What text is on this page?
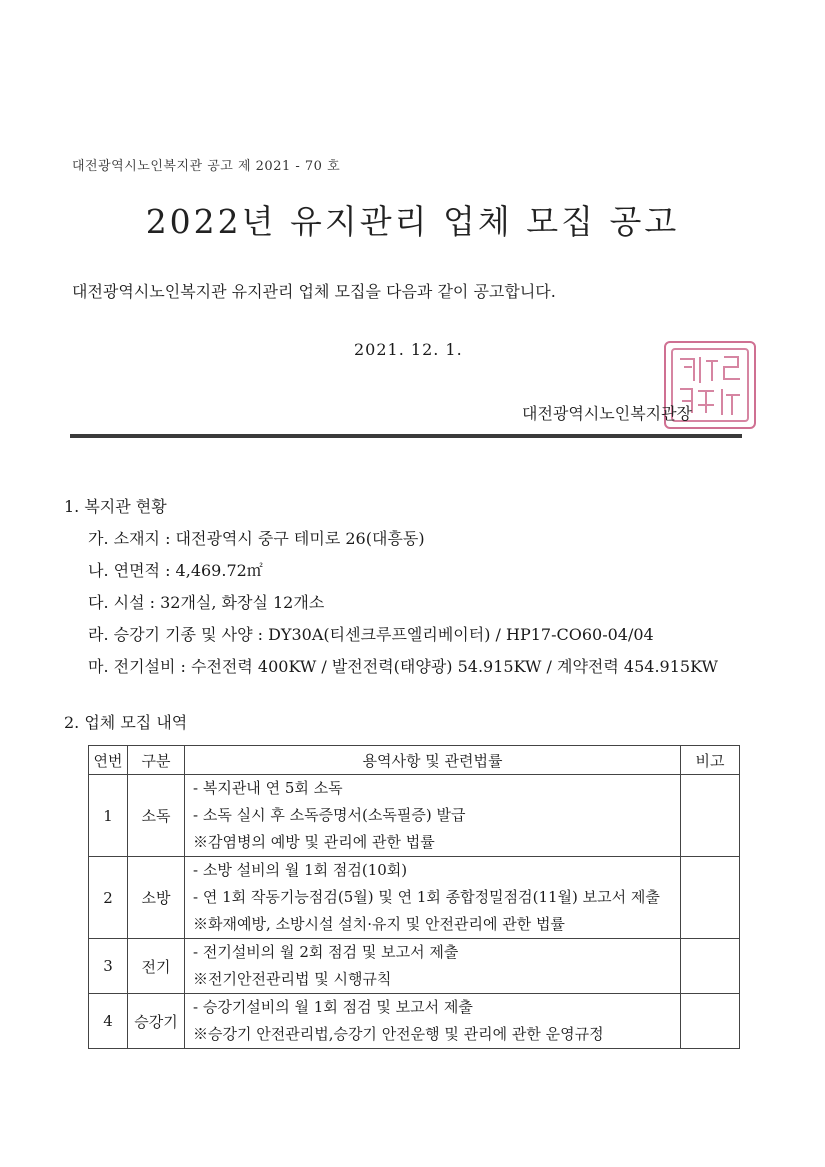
대전광역시노인복지관 공고 제 2021 - 70 호
2022년 유지관리 업체 모집 공고
대전광역시노인복지관 유지관리 업체 모집을 다음과 같이 공고합니다.
2021. 12. 1.
대전광역시노인복지관장
1. 복지관 현황
가. 소재지 : 대전광역시 중구 테미로 26(대흥동)
나. 연면적 : 4,469.72㎡
다. 시설 : 32개실, 화장실 12개소
라. 승강기 기종 및 사양 : DY30A(티센크루프엘리베이터) / HP17-CO60-04/04
마. 전기설비 : 수전전력 400KW / 발전전력(태양광) 54.915KW / 계약전력 454.915KW
2. 업체 모집 내역
연번	구분	용역사항 및 관련법률	비고
1	소독	- 복지관내 연 5회 소독
- 소독 실시 후 소독증명서(소독필증) 발급
※감염병의 예방 및 관리에 관한 법률	

2	소방	- 소방 설비의 월 1회 점검(10회)
- 연 1회 작동기능점검(5월) 및 연 1회 종합정밀점검(11월) 보고서 제출
※화재예방, 소방시설 설치·유지 및 안전관리에 관한 법률	

3	전기	- 전기설비의 월 2회 점검 및 보고서 제출
※전기안전관리법 및 시행규칙	

4	승강기	- 승강기설비의 월 1회 점검 및 보고서 제출
※승강기 안전관리법,승강기 안전운행 및 관리에 관한 운영규정	
